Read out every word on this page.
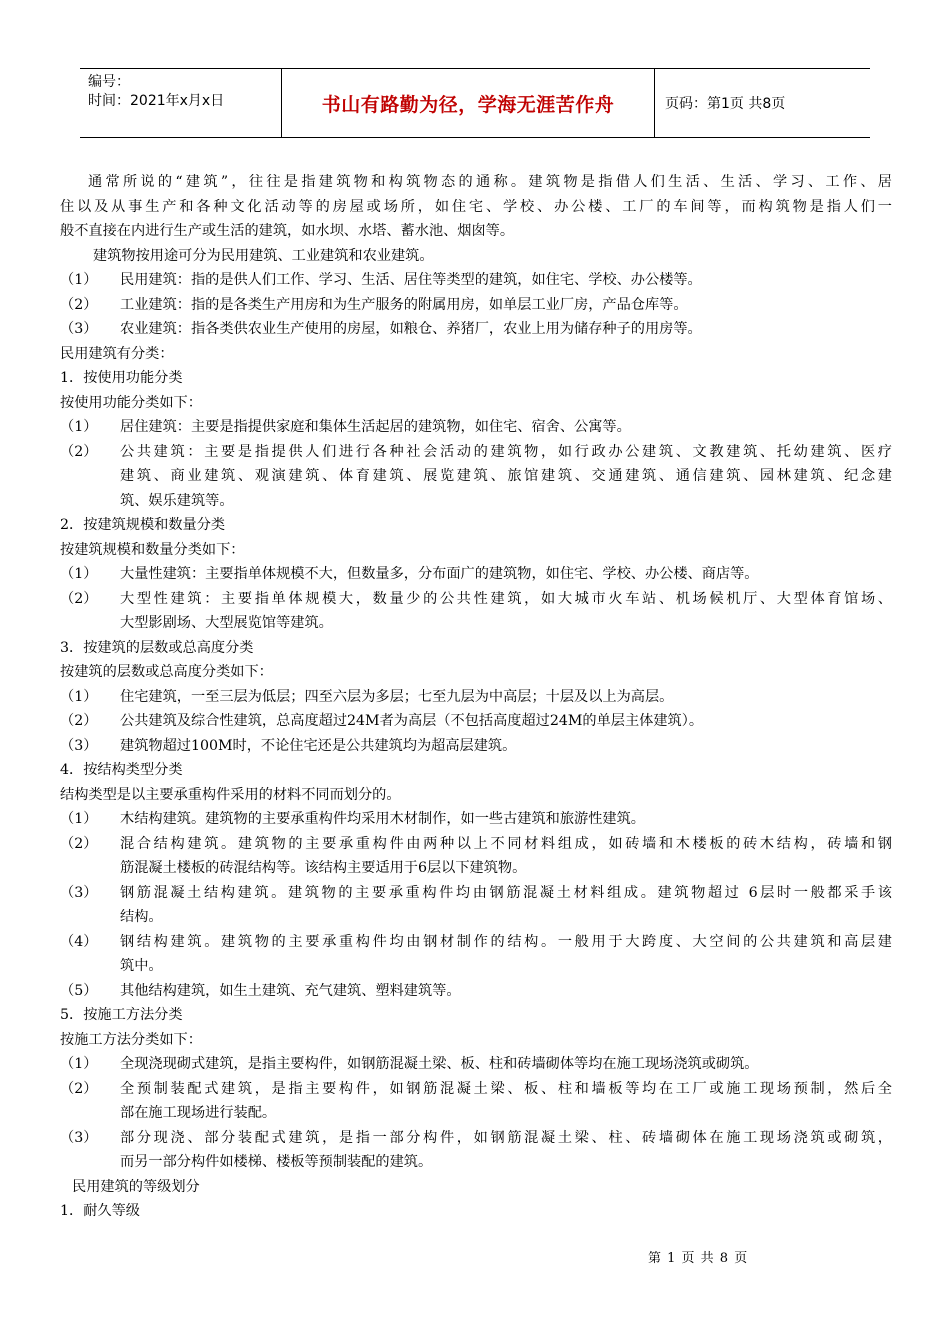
编号：
时间：2021年x月x日	书山有路勤为径，学海无涯苦作舟	页码：第1页 共8页
通常所说的“建筑”，往往是指建筑物和构筑物态的通称。建筑物是指借人们生活、生活、学习、工作、居
住以及从事生产和各种文化活动等的房屋或场所，如住宅、学校、办公楼、工厂的车间等，而构筑物是指人们一
般不直接在内进行生产或生活的建筑，如水坝、水塔、蓄水池、烟囱等。
建筑物按用途可分为民用建筑、工业建筑和农业建筑。
（1）	民用建筑：指的是供人们工作、学习、生活、居住等类型的建筑，如住宅、学校、办公楼等。
（2）	工业建筑：指的是各类生产用房和为生产服务的附属用房，如单层工业厂房，产品仓库等。
（3）	农业建筑：指各类供农业生产使用的房屋，如粮仓、养猪厂，农业上用为储存种子的用房等。
民用建筑有分类：
1．按使用功能分类
按使用功能分类如下：
（1）	居住建筑：主要是指提供家庭和集体生活起居的建筑物，如住宅、宿舍、公寓等。
（2）	公共建筑：主要是指提供人们进行各种社会活动的建筑物，如行政办公建筑、文教建筑、托幼建筑、医疗
建筑、商业建筑、观演建筑、体育建筑、展览建筑、旅馆建筑、交通建筑、通信建筑、园林建筑、纪念建
筑、娱乐建筑等。
2．按建筑规模和数量分类
按建筑规模和数量分类如下：
（1）	大量性建筑：主要指单体规模不大，但数量多，分布面广的建筑物，如住宅、学校、办公楼、商店等。
（2）	大型性建筑：主要指单体规模大，数量少的公共性建筑，如大城市火车站、机场候机厅、大型体育馆场、
大型影剧场、大型展览馆等建筑。
3．按建筑的层数或总高度分类
按建筑的层数或总高度分类如下：
（1）	住宅建筑，一至三层为低层；四至六层为多层；七至九层为中高层；十层及以上为高层。
（2）	公共建筑及综合性建筑，总高度超过24M者为高层（不包括高度超过24M的单层主体建筑）。
（3）	建筑物超过100M时，不论住宅还是公共建筑均为超高层建筑。
4．按结构类型分类
结构类型是以主要承重构件采用的材料不同而划分的。
（1）	木结构建筑。建筑物的主要承重构件均采用木材制作，如一些古建筑和旅游性建筑。
（2）	混合结构建筑。建筑物的主要承重构件由两种以上不同材料组成，如砖墙和木楼板的砖木结构，砖墙和钢
筋混凝土楼板的砖混结构等。该结构主要适用于6层以下建筑物。
（3）	钢筋混凝土结构建筑。建筑物的主要承重构件均由钢筋混凝土材料组成。建筑物超过 6层时一般都采手该
结构。
（4）	钢结构建筑。建筑物的主要承重构件均由钢材制作的结构。一般用于大跨度、大空间的公共建筑和高层建
筑中。
（5）	其他结构建筑，如生土建筑、充气建筑、塑料建筑等。
5．按施工方法分类
按施工方法分类如下：
（1）	全现浇现砌式建筑，是指主要构件，如钢筋混凝土梁、板、柱和砖墙砌体等均在施工现场浇筑或砌筑。
（2）	全预制装配式建筑，是指主要构件，如钢筋混凝土梁、板、柱和墙板等均在工厂或施工现场预制，然后全
部在施工现场进行装配。
（3）	部分现浇、部分装配式建筑，是指一部分构件，如钢筋混凝土梁、柱、砖墙砌体在施工现场浇筑或砌筑，
而另一部分构件如楼梯、楼板等预制装配的建筑。
民用建筑的等级划分
1．耐久等级
第 1 页 共 8 页
